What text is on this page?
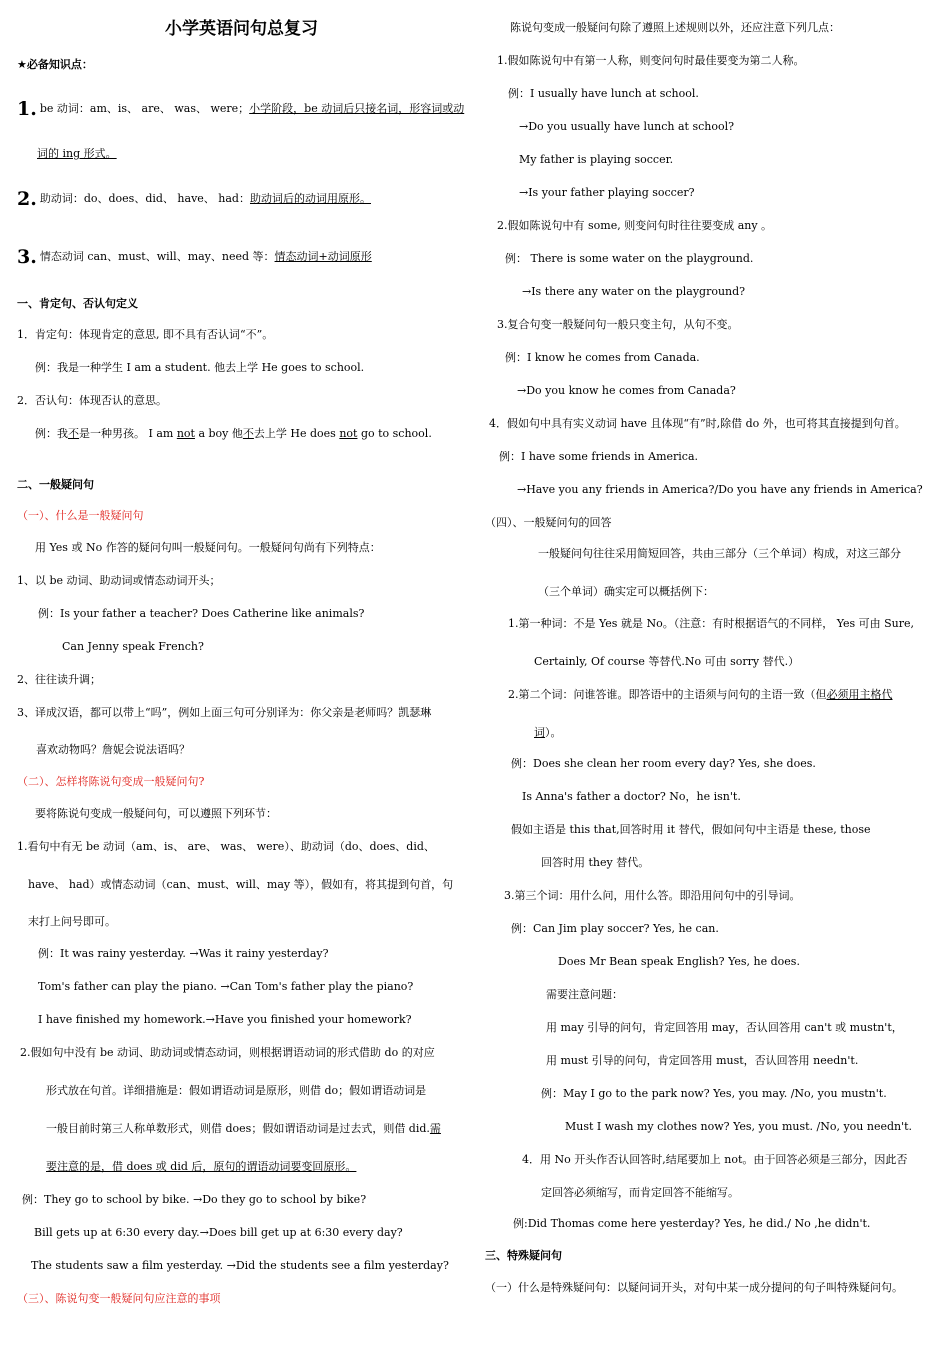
小学英语问句总复习
★必备知识点：
1. be 动词：am、is、 are、 was、 were；小学阶段，be 动词后只接名词，形容词或动
词的 ing 形式。
2. 助动词：do、does、did、 have、 had：助动词后的动词用原形。
3. 情态动词 can、must、will、may、need 等：情态动词+动词原形
一、肯定句、否认句定义
1．肯定句：体现肯定的意思, 即不具有否认词“不”。
例：我是一种学生 I am a student. 他去上学 He goes to school.
2．否认句：体现否认的意思。
例：我不是一种男孩。 I am not a boy 他不去上学 He does not go to school.
二、一般疑问句
（一）、什么是一般疑问句
用 Yes 或 No 作答的疑问句叫一般疑问句。一般疑问句尚有下列特点：
1、以 be 动词、助动词或情态动词开头；
例：Is your father a teacher? Does Catherine like animals?
Can Jenny speak French?
2、往往读升调；
3、译成汉语，都可以带上“吗”，例如上面三句可分别译为：你父亲是老师吗？凯瑟琳
喜欢动物吗？詹妮会说法语吗？
（二）、怎样将陈说句变成一般疑问句?
要将陈说句变成一般疑问句，可以遵照下列环节：
1.看句中有无 be 动词（am、is、 are、 was、 were）、助动词（do、does、did、
have、 had）或情态动词（can、must、will、may 等），假如有，将其提到句首，句
末打上问号即可。
例：It was rainy yesterday. →Was it rainy yesterday?
Tom's father can play the piano. →Can Tom's father play the piano?
I have finished my homework.→Have you finished your homework?
2.假如句中没有 be 动词、助动词或情态动词，则根据谓语动词的形式借助 do 的对应
形式放在句首。详细措施是：假如谓语动词是原形，则借 do；假如谓语动词是
一般目前时第三人称单数形式，则借 does；假如谓语动词是过去式，则借 did.需
要注意的是，借 does 或 did 后，原句的谓语动词要变回原形。
例：They go to school by bike. →Do they go to school by bike?
Bill gets up at 6:30 every day.→Does bill get up at 6:30 every day?
The students saw a film yesterday. →Did the students see a film yesterday?
（三）、陈说句变一般疑问句应注意的事项
陈说句变成一般疑问句除了遵照上述规则以外，还应注意下列几点：
1.假如陈说句中有第一人称，则变问句时最佳要变为第二人称。
例：I usually have lunch at school.
→Do you usually have lunch at school?
My father is playing soccer.
→Is your father playing soccer?
2.假如陈说句中有 some, 则变问句时往往要变成 any 。
例： There is some water on the playground.
→Is there any water on the playground?
3.复合句变一般疑问句一般只变主句，从句不变。
例：I know he comes from Canada.
→Do you know he comes from Canada?
4．假如句中具有实义动词 have 且体现“有”时,除借 do 外，也可将其直接提到句首。
例：I have some friends in America.
→Have you any friends in America?/Do you have any friends in America?
（四）、一般疑问句的回答
一般疑问句往往采用简短回答，共由三部分（三个单词）构成，对这三部分
（三个单词）确实定可以概括例下：
1.第一种词：不是 Yes 就是 No。（注意：有时根据语气的不同样， Yes 可由 Sure,
Certainly, Of course 等替代.No 可由 sorry 替代.）
2.第二个词：问谁答谁。即答语中的主语须与问句的主语一致（但必须用主格代
词）。
例：Does she clean her room every day? Yes, she does.
Is Anna's father a doctor? No，he isn't.
假如主语是 this that,回答时用 it 替代，假如问句中主语是 these, those
回答时用 they 替代。
3.第三个词：用什么问，用什么答。即沿用问句中的引导词。
例：Can Jim play soccer? Yes, he can.
Does Mr Bean speak English? Yes, he does.
需要注意问题：
用 may 引导的问句，肯定回答用 may，否认回答用 can't 或 mustn't，
用 must 引导的问句，肯定回答用 must，否认回答用 needn't.
例：May I go to the park now? Yes, you may. /No, you mustn't.
Must I wash my clothes now? Yes, you must. /No, you needn't.
4．用 No 开头作否认回答时,结尾要加上 not。由于回答必须是三部分，因此否
定回答必须缩写，而肯定回答不能缩写。
例:Did Thomas come here yesterday? Yes, he did./ No ,he didn't.
三、特殊疑问句
（一）什么是特殊疑问句：以疑问词开头，对句中某一成分提问的句子叫特殊疑问句。
